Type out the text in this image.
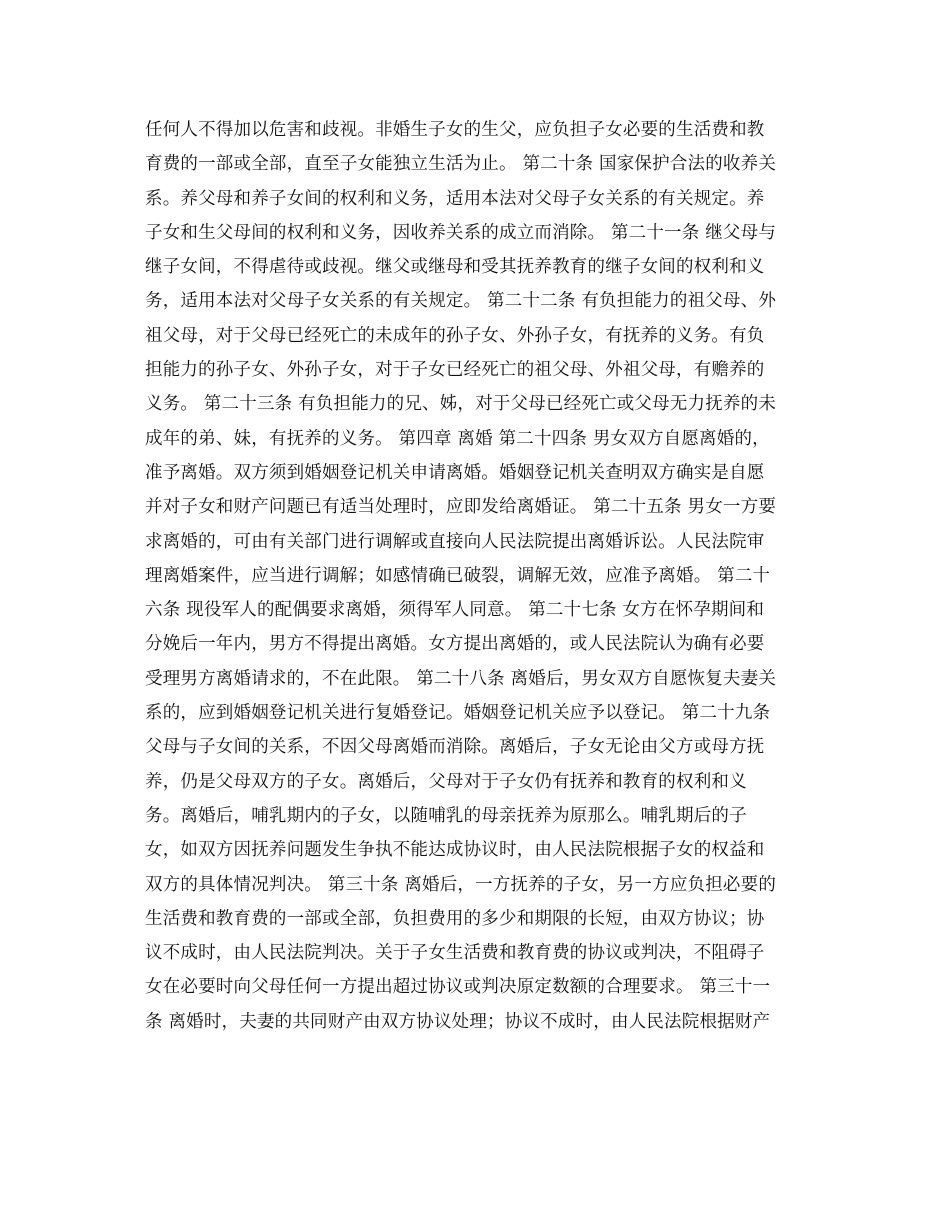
任何人不得加以危害和歧视。非婚生子女的生父，应负担子女必要的生活费和教
育费的一部或全部，直至子女能独立生活为止。 第二十条 国家保护合法的收养关
系。养父母和养子女间的权利和义务，适用本法对父母子女关系的有关规定。养
子女和生父母间的权利和义务，因收养关系的成立而消除。 第二十一条 继父母与
继子女间，不得虐待或歧视。继父或继母和受其抚养教育的继子女间的权利和义
务，适用本法对父母子女关系的有关规定。 第二十二条 有负担能力的祖父母、外
祖父母，对于父母已经死亡的未成年的孙子女、外孙子女，有抚养的义务。有负
担能力的孙子女、外孙子女，对于子女已经死亡的祖父母、外祖父母，有赡养的
义务。 第二十三条 有负担能力的兄、姊，对于父母已经死亡或父母无力抚养的未
成年的弟、妹，有抚养的义务。 第四章 离婚 第二十四条 男女双方自愿离婚的，
准予离婚。双方须到婚姻登记机关申请离婚。婚姻登记机关查明双方确实是自愿
并对子女和财产问题已有适当处理时，应即发给离婚证。 第二十五条 男女一方要
求离婚的，可由有关部门进行调解或直接向人民法院提出离婚诉讼。人民法院审
理离婚案件，应当进行调解；如感情确已破裂，调解无效，应准予离婚。 第二十
六条 现役军人的配偶要求离婚，须得军人同意。 第二十七条 女方在怀孕期间和
分娩后一年内，男方不得提出离婚。女方提出离婚的，或人民法院认为确有必要
受理男方离婚请求的，不在此限。 第二十八条 离婚后，男女双方自愿恢复夫妻关
系的，应到婚姻登记机关进行复婚登记。婚姻登记机关应予以登记。 第二十九条
父母与子女间的关系，不因父母离婚而消除。离婚后，子女无论由父方或母方抚
养，仍是父母双方的子女。离婚后，父母对于子女仍有抚养和教育的权利和义
务。离婚后，哺乳期内的子女，以随哺乳的母亲抚养为原那么。哺乳期后的子
女，如双方因抚养问题发生争执不能达成协议时，由人民法院根据子女的权益和
双方的具体情况判决。 第三十条 离婚后，一方抚养的子女，另一方应负担必要的
生活费和教育费的一部或全部，负担费用的多少和期限的长短，由双方协议；协
议不成时，由人民法院判决。关于子女生活费和教育费的协议或判决，不阻碍子
女在必要时向父母任何一方提出超过协议或判决原定数额的合理要求。 第三十一
条 离婚时，夫妻的共同财产由双方协议处理；协议不成时，由人民法院根据财产
